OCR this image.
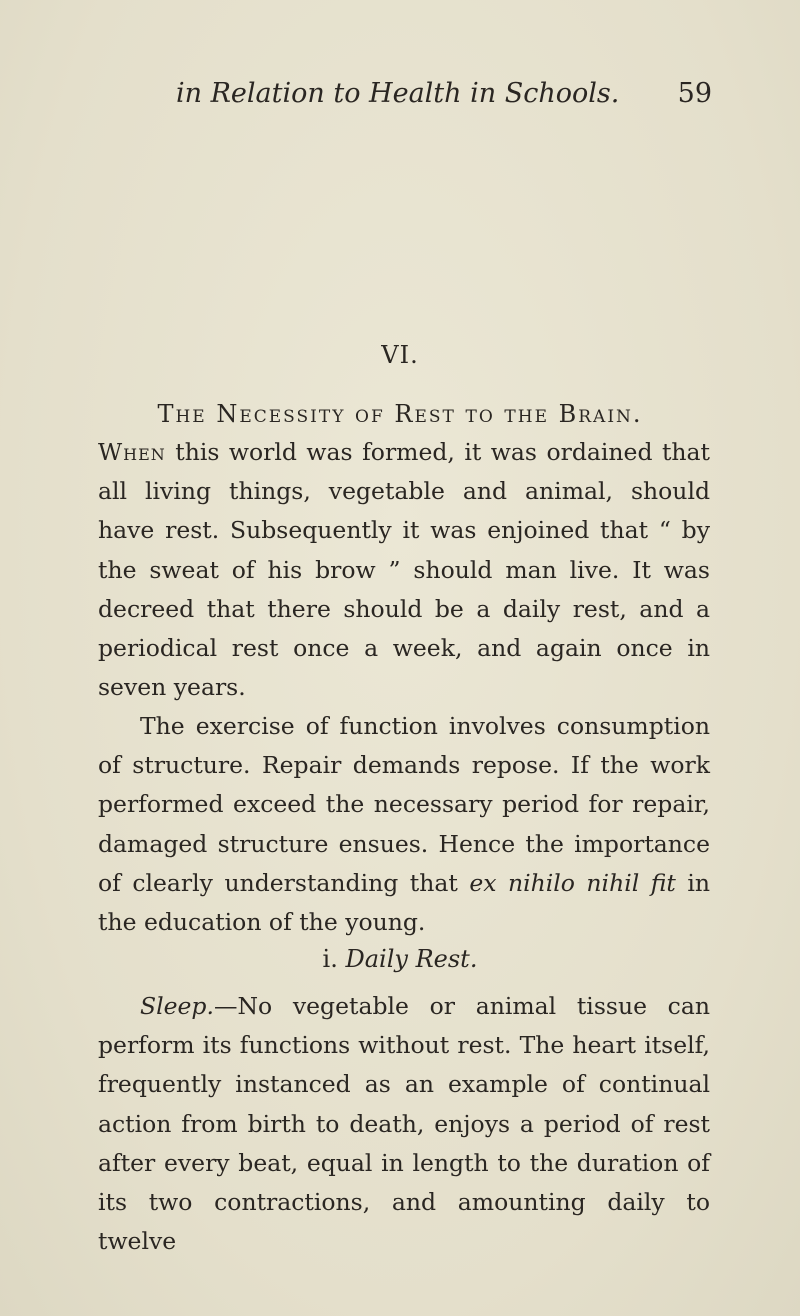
in Relation to Health in Schools. 59
VI.
The Necessity of Rest to the Brain.

When this world was formed, it was ordained that all living things, vegetable and animal, should have rest. Subsequently it was enjoined that “ by the sweat of his brow ” should man live. It was decreed that there should be a daily rest, and a periodical rest once a week, and again once in seven years.

The exercise of function involves consumption of structure. Repair demands repose. If the work performed exceed the necessary period for repair, damaged structure ensues. Hence the importance of clearly understanding that ex nihilo nihil fit in the education of the young.

i. Daily Rest.

Sleep.—No vegetable or animal tissue can perform its functions without rest. The heart itself, frequently instanced as an example of continual action from birth to death, enjoys a period of rest after every beat, equal in length to the duration of its two contractions, and amounting daily to twelve
